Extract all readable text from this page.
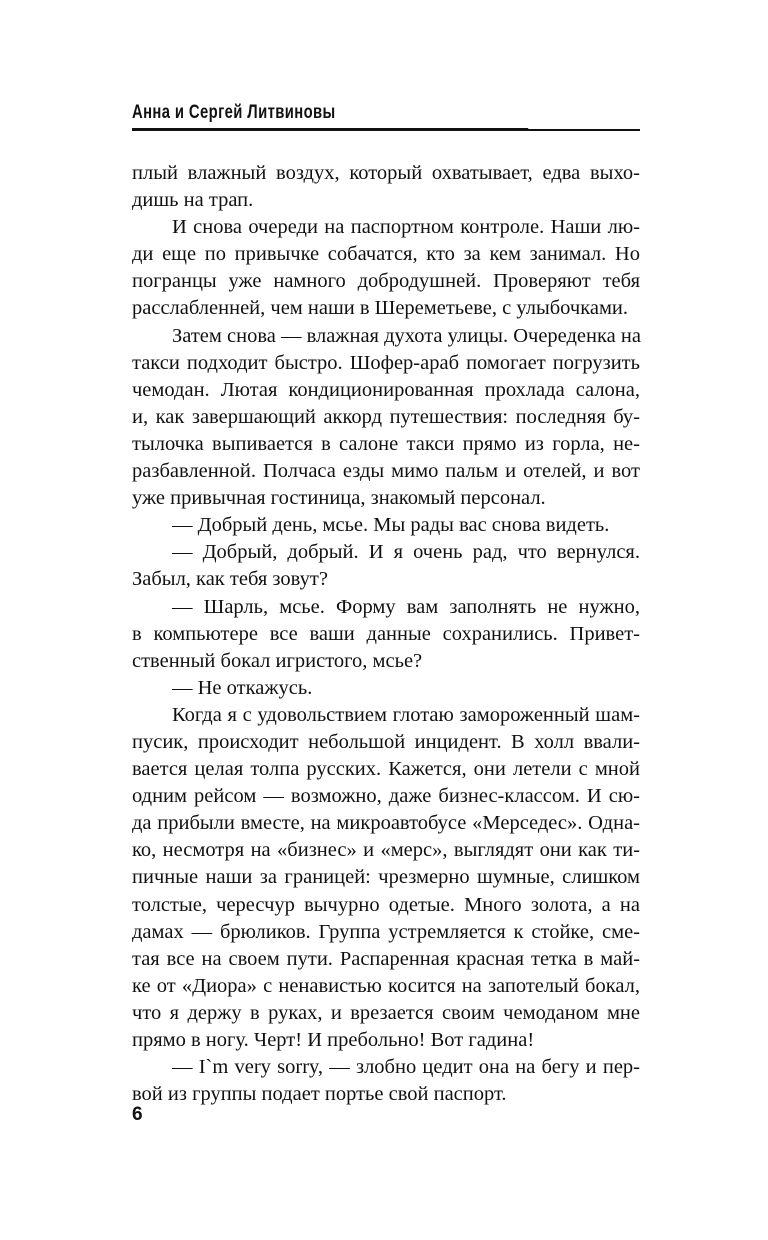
Анна и Сергей Литвиновы
плый влажный воздух, который охватывает, едва выхо-
дишь на трап.
И снова очереди на паспортном контроле. Наши лю-
ди еще по привычке собачатся, кто за кем занимал. Но
погранцы уже намного добродушней. Проверяют тебя
расслабленней, чем наши в Шереметьеве, с улыбочками.
Затем снова — влажная духота улицы. Очереденка на
такси подходит быстро. Шофер-араб помогает погрузить
чемодан. Лютая кондиционированная прохлада салона,
и, как завершающий аккорд путешествия: последняя бу-
тылочка выпивается в салоне такси прямо из горла, не-
разбавленной. Полчаса езды мимо пальм и отелей, и вот
уже привычная гостиница, знакомый персонал.
— Добрый день, мсье. Мы рады вас снова видеть.
— Добрый, добрый. И я очень рад, что вернулся.
Забыл, как тебя зовут?
— Шарль, мсье. Форму вам заполнять не нужно,
в компьютере все ваши данные сохранились. Привет-
ственный бокал игристого, мсье?
— Не откажусь.
Когда я с удовольствием глотаю замороженный шам-
пусик, происходит небольшой инцидент. В холл ввали-
вается целая толпа русских. Кажется, они летели с мной
одним рейсом — возможно, даже бизнес-классом. И сю-
да прибыли вместе, на микроавтобусе «Мерседес». Одна-
ко, несмотря на «бизнес» и «мерс», выглядят они как ти-
пичные наши за границей: чрезмерно шумные, слишком
толстые, чересчур вычурно одетые. Много золота, а на
дамах — брюликов. Группа устремляется к стойке, сме-
тая все на своем пути. Распаренная красная тетка в май-
ке от «Диора» с ненавистью косится на запотелый бокал,
что я держу в руках, и врезается своим чемоданом мне
прямо в ногу. Черт! И пребольно! Вот гадина!
— I`m very sorry, — злобно цедит она на бегу и пер-
вой из группы подает портье свой паспорт.
6
